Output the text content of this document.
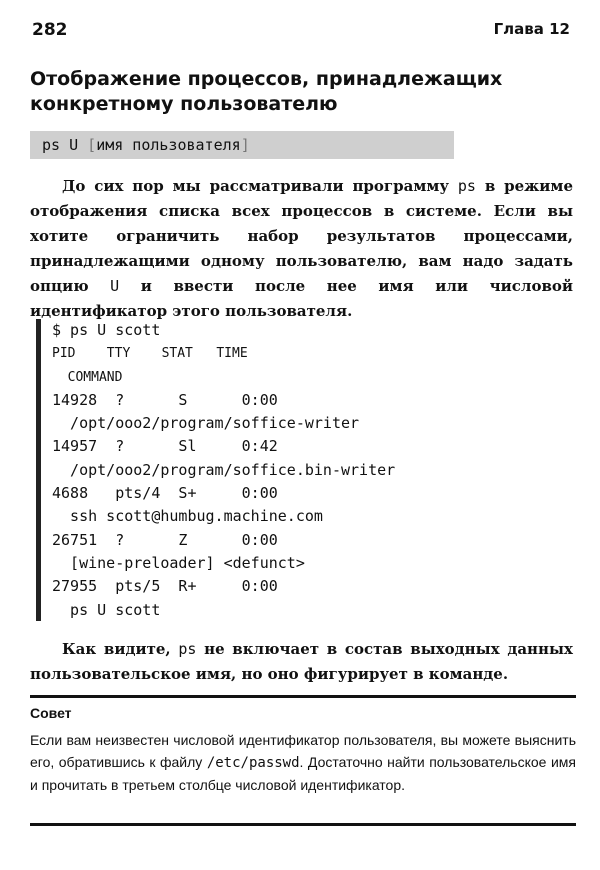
282	Глава 12
Отображение процессов, принадлежащих
конкретному пользователю
ps U [имя пользователя]
До сих пор мы рассматривали программу ps в режиме отображения списка всех процессов в системе. Если вы хотите ограничить набор результатов процессами, принадлежащими одному пользователю, вам надо задать опцию U и ввести после нее имя или числовой идентификатор этого пользователя.
$ ps U scott
PID    TTY    STAT   TIME
COMMAND
14928  ?      S      0:00
/opt/ooo2/program/soffice-writer
14957  ?      Sl     0:42
/opt/ooo2/program/soffice.bin-writer
4688   pts/4  S+     0:00
ssh scott@humbug.machine.com
26751  ?      Z      0:00
[wine-preloader] <defunct>
27955  pts/5  R+     0:00
ps U scott
Как видите, ps не включает в состав выходных данных пользовательское имя, но оно фигурирует в команде.
Совет
Если вам неизвестен числовой идентификатор пользователя, вы можете выяснить его, обратившись к файлу /etc/passwd. Достаточно найти пользовательское имя и прочитать в третьем столбце числовой идентификатор.
